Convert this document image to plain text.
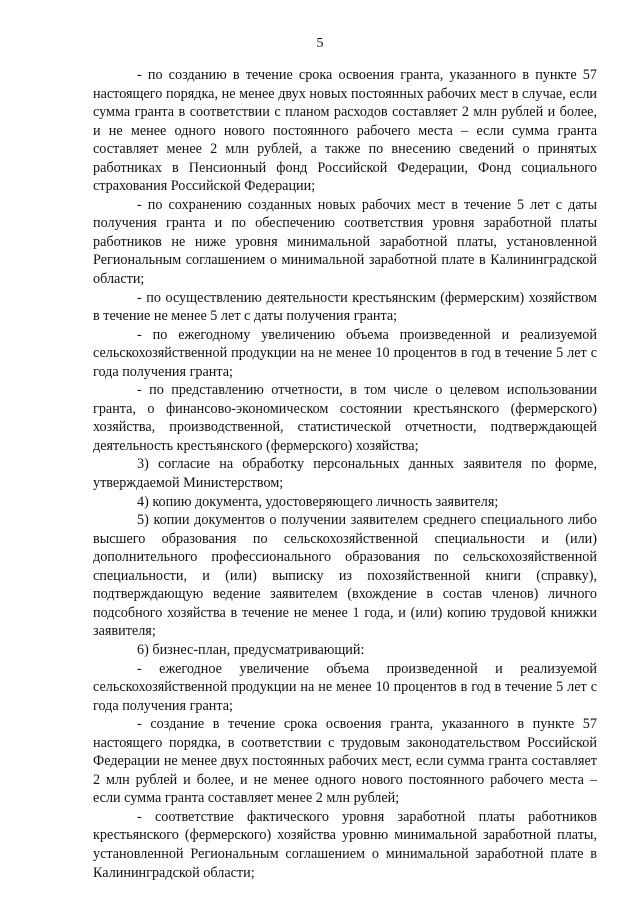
5

- по созданию в течение срока освоения гранта, указанного в пункте 57 настоящего порядка, не менее двух новых постоянных рабочих мест в случае, если сумма гранта в соответствии с планом расходов составляет 2 млн рублей и более, и не менее одного нового постоянного рабочего места – если сумма гранта составляет менее 2 млн рублей, а также по внесению сведений о принятых работниках в Пенсионный фонд Российской Федерации, Фонд социального страхования Российской Федерации;

- по сохранению созданных новых рабочих мест в течение 5 лет с даты получения гранта и по обеспечению соответствия уровня заработной платы работников не ниже уровня минимальной заработной платы, установленной Региональным соглашением о минимальной заработной плате в Калининградской области;

- по осуществлению деятельности крестьянским (фермерским) хозяйством в течение не менее 5 лет с даты получения гранта;

- по ежегодному увеличению объема произведенной и реализуемой сельскохозяйственной продукции на не менее 10 процентов в год в течение 5 лет с года получения гранта;

- по представлению отчетности, в том числе о целевом использовании гранта, о финансово-экономическом состоянии крестьянского (фермерского) хозяйства, производственной, статистической отчетности, подтверждающей деятельность крестьянского (фермерского) хозяйства;

3) согласие на обработку персональных данных заявителя по форме, утверждаемой Министерством;

4) копию документа, удостоверяющего личность заявителя;

5) копии документов о получении заявителем среднего специального либо высшего образования по сельскохозяйственной специальности и (или) дополнительного профессионального образования по сельскохозяйственной специальности, и (или) выписку из похозяйственной книги (справку), подтверждающую ведение заявителем (вхождение в состав членов) личного подсобного хозяйства в течение не менее 1 года, и (или) копию трудовой книжки заявителя;

6) бизнес-план, предусматривающий:

- ежегодное увеличение объема произведенной и реализуемой сельскохозяйственной продукции на не менее 10 процентов в год в течение 5 лет с года получения гранта;

- создание в течение срока освоения гранта, указанного в пункте 57 настоящего порядка, в соответствии с трудовым законодательством Российской Федерации не менее двух постоянных рабочих мест, если сумма гранта составляет 2 млн рублей и более, и не менее одного нового постоянного рабочего места – если сумма гранта составляет менее 2 млн рублей;

- соответствие фактического уровня заработной платы работников крестьянского (фермерского) хозяйства уровню минимальной заработной платы, установленной Региональным соглашением о минимальной заработной плате в Калининградской области;
